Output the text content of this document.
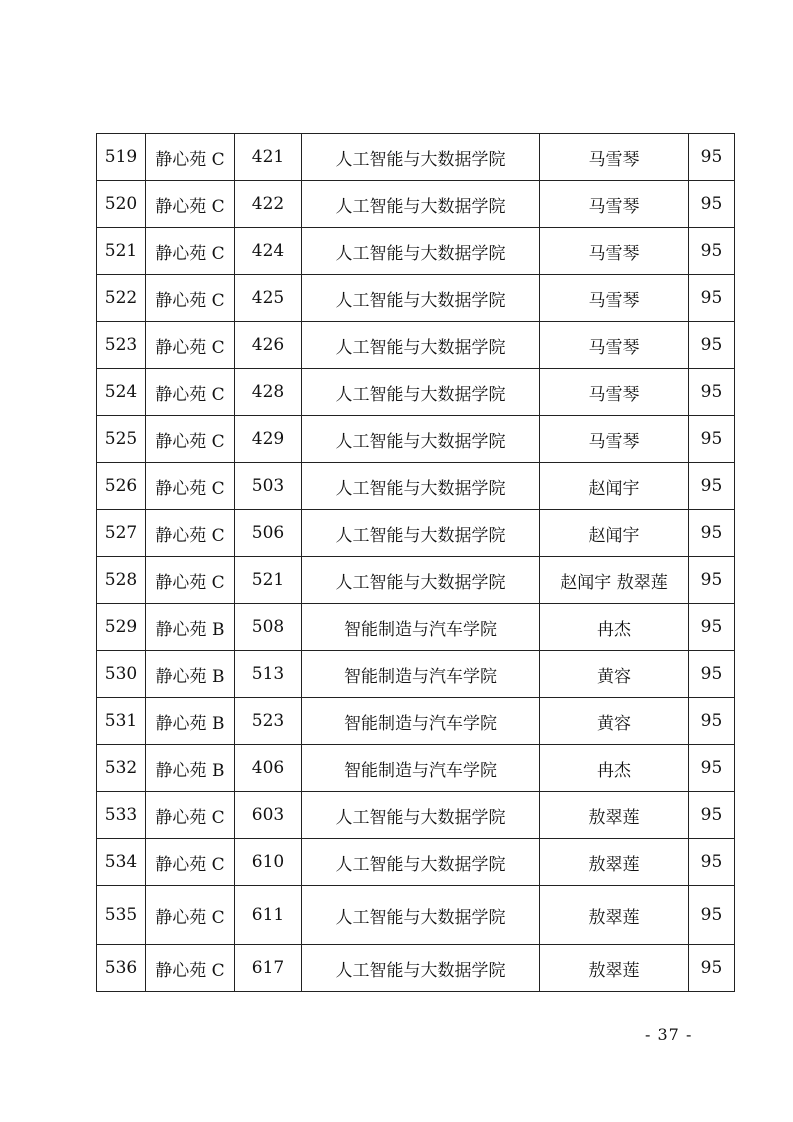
519	静心苑 C	421	人工智能与大数据学院	马雪琴	95
520	静心苑 C	422	人工智能与大数据学院	马雪琴	95
521	静心苑 C	424	人工智能与大数据学院	马雪琴	95
522	静心苑 C	425	人工智能与大数据学院	马雪琴	95
523	静心苑 C	426	人工智能与大数据学院	马雪琴	95
524	静心苑 C	428	人工智能与大数据学院	马雪琴	95
525	静心苑 C	429	人工智能与大数据学院	马雪琴	95
526	静心苑 C	503	人工智能与大数据学院	赵闻宇	95
527	静心苑 C	506	人工智能与大数据学院	赵闻宇	95
528	静心苑 C	521	人工智能与大数据学院	赵闻宇 敖翠莲	95
529	静心苑 B	508	智能制造与汽车学院	冉杰	95
530	静心苑 B	513	智能制造与汽车学院	黄容	95
531	静心苑 B	523	智能制造与汽车学院	黄容	95
532	静心苑 B	406	智能制造与汽车学院	冉杰	95
533	静心苑 C	603	人工智能与大数据学院	敖翠莲	95
534	静心苑 C	610	人工智能与大数据学院	敖翠莲	95
535	静心苑 C	611	人工智能与大数据学院	敖翠莲	95
536	静心苑 C	617	人工智能与大数据学院	敖翠莲	95
- 37 -
